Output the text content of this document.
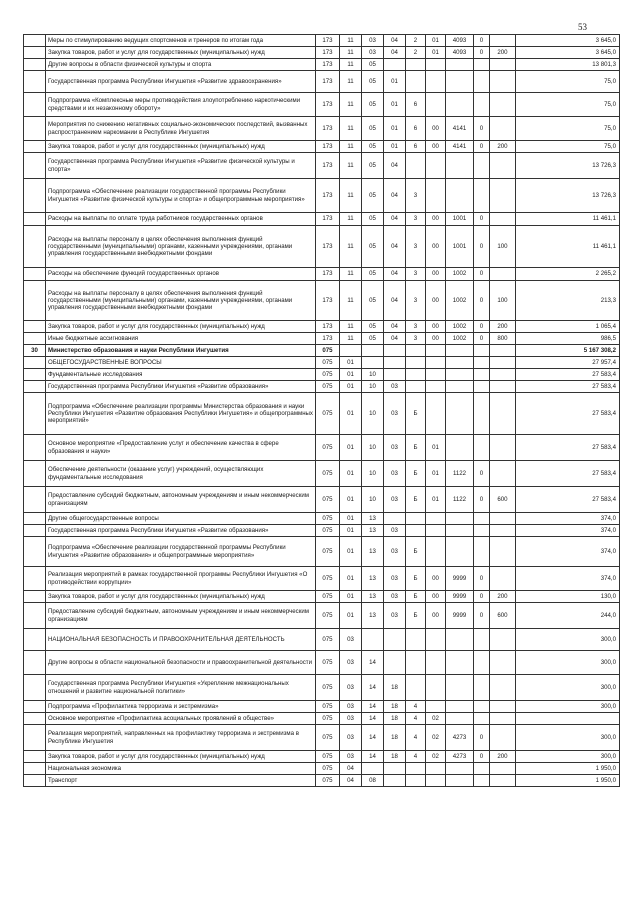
53
	Меры по стимулированию ведущих спортсменов и тренеров по итогам года	173	11	03	04	2	01	4093	0		3 645,0
	Закупка товаров, работ и услуг для государственных (муниципальных) нужд	173	11	03	04	2	01	4093	0	200	3 645,0
	Другие вопросы в области физической культуры и спорта	173	11	05							13 801,3
	Государственная программа Республики Ингушетия «Развитие здравоохранения»	173	11	05	01						75,0
	Подпрограмма «Комплексные меры противодействия злоупотреблению наркотическими средствами и их незаконному обороту»	173	11	05	01	6					75,0
	Мероприятия по снижению негативных социально-экономических последствий, вызванных распространением наркомании в Республике Ингушетия	173	11	05	01	6	00	4141	0		75,0
	Закупка товаров, работ и услуг для государственных (муниципальных) нужд	173	11	05	01	6	00	4141	0	200	75,0
	Государственная программа Республики Ингушетия «Развитие физической культуры и спорта»	173	11	05	04						13 726,3
	Подпрограмма «Обеспечение реализации государственной программы Республики Ингушетия «Развитие физической культуры и спорта» и общепрограммные мероприятия»	173	11	05	04	3					13 726,3
	Расходы на выплаты по оплате труда работников государственных органов	173	11	05	04	3	00	1001	0		11 461,1
	Расходы на выплаты персоналу в целях обеспечения выполнения функций государственными (муниципальными) органами, казенными учреждениями, органами управления государственными внебюджетными фондами	173	11	05	04	3	00	1001	0	100	11 461,1
	Расходы на обеспечение функций государственных органов	173	11	05	04	3	00	1002	0		2 265,2
	Расходы на выплаты персоналу в целях обеспечения выполнения функций государственными (муниципальными) органами, казенными учреждениями, органами управления государственными внебюджетными фондами	173	11	05	04	3	00	1002	0	100	213,3
	Закупка товаров, работ и услуг для государственных (муниципальных) нужд	173	11	05	04	3	00	1002	0	200	1 065,4
	Иные бюджетные ассигнования	173	11	05	04	3	00	1002	0	800	986,5
30	Министерство образования и науки Республики Ингушетия	075									5 167 308,2
	ОБЩЕГОСУДАРСТВЕННЫЕ ВОПРОСЫ	075	01								27 957,4
	Фундаментальные исследования	075	01	10							27 583,4
	Государственная программа Республики Ингушетия «Развитие образования»	075	01	10	03						27 583,4
	Подпрограмма «Обеспечение реализации программы Министерства образования и науки Республики Ингушетия «Развитие образования Республики Ингушетия» и общепрограммных мероприятий»	075	01	10	03	Б					27 583,4
	Основное мероприятие «Предоставление услуг и обеспечение качества в сфере образования и науки»	075	01	10	03	Б	01				27 583,4
	Обеспечение деятельности (оказание услуг) учреждений, осуществляющих фундаментальные исследования	075	01	10	03	Б	01	1122	0		27 583,4
	Предоставление субсидий бюджетным, автономным учреждениям и иным некоммерческим организациям	075	01	10	03	Б	01	1122	0	600	27 583,4
	Другие общегосударственные вопросы	075	01	13							374,0
	Государственная программа Республики Ингушетия «Развитие образования»	075	01	13	03						374,0
	Подпрограмма «Обеспечение реализации государственной программы Республики Ингушетия «Развитие образования» и общепрограммные мероприятия»	075	01	13	03	Б					374,0
	Реализация мероприятий в рамках государственной программы Республики Ингушетия «О противодействии коррупции»	075	01	13	03	Б	00	9999	0		374,0
	Закупка товаров, работ и услуг для государственных (муниципальных) нужд	075	01	13	03	Б	00	9999	0	200	130,0
	Предоставление субсидий бюджетным, автономным учреждениям и иным некоммерческим организациям	075	01	13	03	Б	00	9999	0	600	244,0
	НАЦИОНАЛЬНАЯ БЕЗОПАСНОСТЬ И ПРАВООХРАНИТЕЛЬНАЯ ДЕЯТЕЛЬНОСТЬ	075	03								300,0
	Другие вопросы в области национальной безопасности и правоохранительной деятельности	075	03	14							300,0
	Государственная программа Республики Ингушетия «Укрепление межнациональных отношений и развитие национальной политики»	075	03	14	18						300,0
	Подпрограмма «Профилактика терроризма и экстремизма»	075	03	14	18	4					300,0
	Основное мероприятие «Профилактика асоциальных проявлений в обществе»	075	03	14	18	4	02				
	Реализация мероприятий, направленных на профилактику терроризма и экстремизма в Республике Ингушетия	075	03	14	18	4	02	4273	0		300,0
	Закупка товаров, работ и услуг для государственных (муниципальных) нужд	075	03	14	18	4	02	4273	0	200	300,0
	Национальная экономика	075	04								1 950,0
	Транспорт	075	04	08							1 950,0
